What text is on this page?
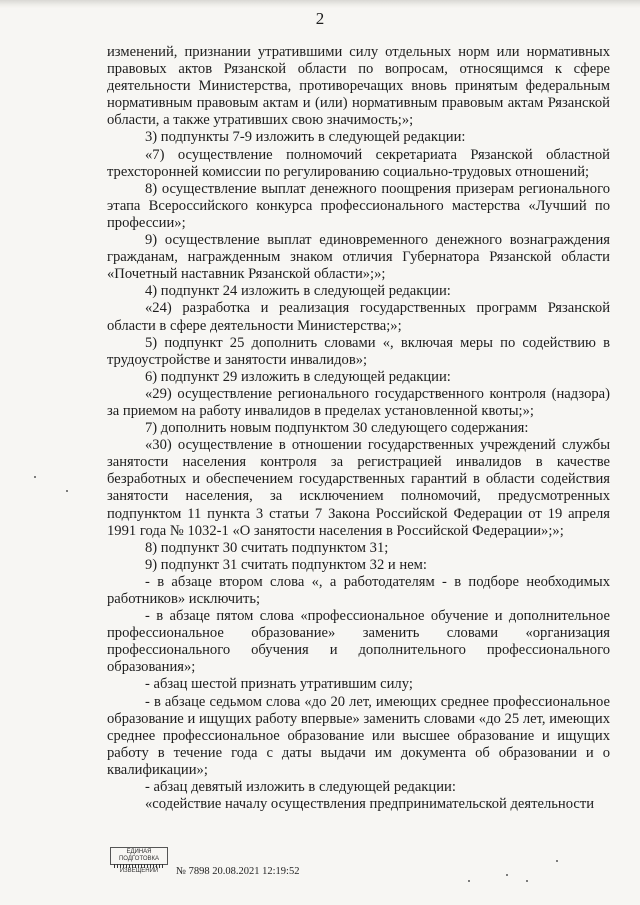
2

изменений, признании утратившими силу отдельных норм или нормативных правовых актов Рязанской области по вопросам, относящимся к сфере деятельности Министерства, противоречащих вновь принятым федеральным нормативным правовым актам и (или) нормативным правовым актам Рязанской области, а также утративших свою значимость;»;

3) подпункты 7-9 изложить в следующей редакции:

«7) осуществление полномочий секретариата Рязанской областной трехсторонней комиссии по регулированию социально-трудовых отношений;

8) осуществление выплат денежного поощрения призерам регионального этапа Всероссийского конкурса профессионального мастерства «Лучший по профессии»;

9) осуществление выплат единовременного денежного вознаграждения гражданам, награжденным знаком отличия Губернатора Рязанской области «Почетный наставник Рязанской области»;»;

4) подпункт 24 изложить в следующей редакции:

«24) разработка и реализация государственных программ Рязанской области в сфере деятельности Министерства;»;

5) подпункт 25 дополнить словами «, включая меры по содействию в трудоустройстве и занятости инвалидов»;

6) подпункт 29 изложить в следующей редакции:

«29) осуществление регионального государственного контроля (надзора) за приемом на работу инвалидов в пределах установленной квоты;»;

7) дополнить новым подпунктом 30 следующего содержания:

«30) осуществление в отношении государственных учреждений службы занятости населения контроля за регистрацией инвалидов в качестве безработных и обеспечением государственных гарантий в области содействия занятости населения, за исключением полномочий, предусмотренных подпунктом 11 пункта 3 статьи 7 Закона Российской Федерации от 19 апреля 1991 года № 1032-1 «О занятости населения в Российской Федерации»;»;

8) подпункт 30 считать подпунктом 31;

9) подпункт 31 считать подпунктом 32 и нем:

- в абзаце втором слова «, а работодателям - в подборе необходимых работников» исключить;

- в абзаце пятом слова «профессиональное обучение и дополнительное профессиональное образование» заменить словами «организация профессионального обучения и дополнительного профессионального образования»;

- абзац шестой признать утратившим силу;

- в абзаце седьмом слова «до 20 лет, имеющих среднее профессиональное образование и ищущих работу впервые» заменить словами «до 25 лет, имеющих среднее профессиональное образование или высшее образование и ищущих работу в течение года с даты выдачи им документа об образовании и о квалификации»;

- абзац девятый изложить в следующей редакции:

«содействие началу осуществления предпринимательской деятельности

ЕДИНАЯ ПОДГОТОВКА
ИЗВЕЩЕНИЙ	№ 7898 20.08.2021 12:19:52
